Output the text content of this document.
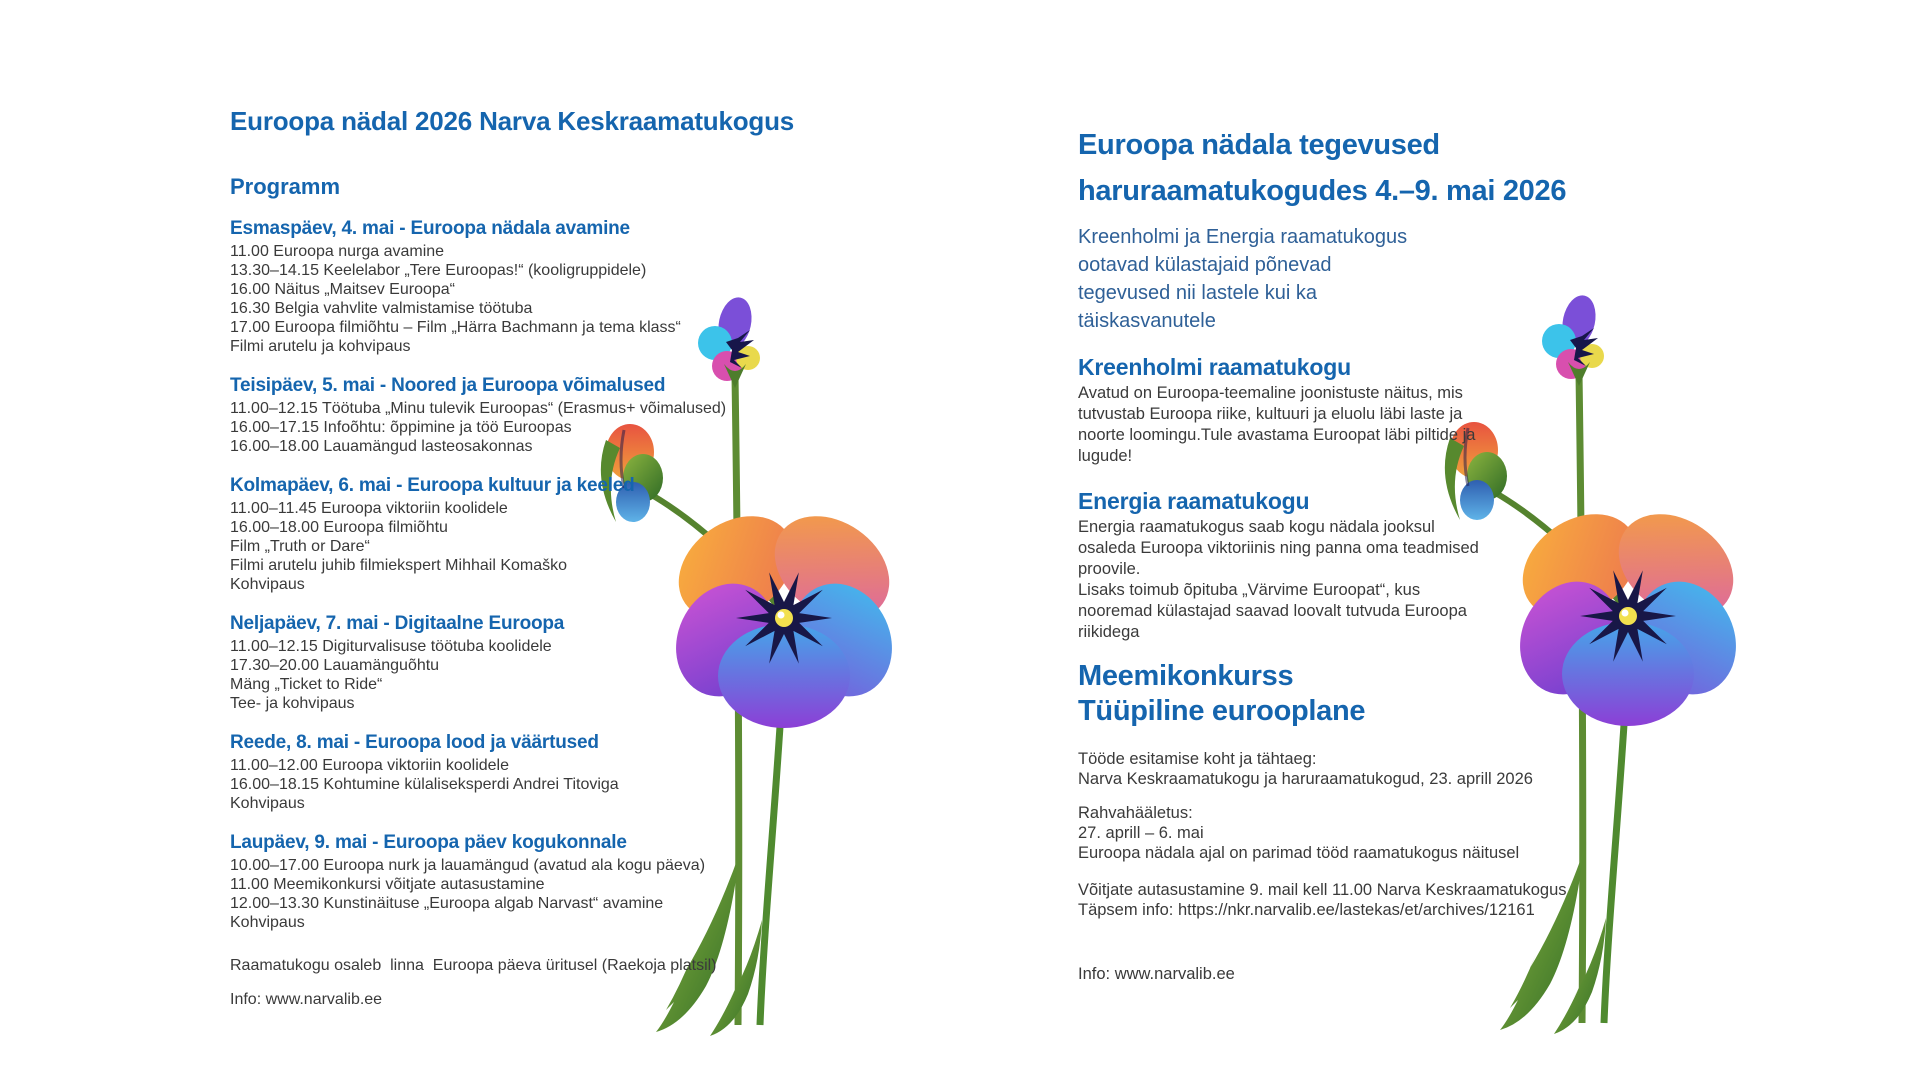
Euroopa nädal 2026 Narva Keskraamatukogus
Programm
Esmaspäev, 4. mai - Euroopa nädala avamine
11.00 Euroopa nurga avamine
13.30–14.15 Keelelabor „Tere Euroopas!“ (kooligruppidele)
16.00 Näitus „Maitsev Euroopa“
16.30 Belgia vahvlite valmistamise töötuba
17.00 Euroopa filmiõhtu – Film „Härra Bachmann ja tema klass“
Filmi arutelu ja kohvipaus
Teisipäev, 5. mai - Noored ja Euroopa võimalused
11.00–12.15 Töötuba „Minu tulevik Euroopas“ (Erasmus+ võimalused)
16.00–17.15 Infoõhtu: õppimine ja töö Euroopas
16.00–18.00 Lauamängud lasteosakonnas
Kolmapäev, 6. mai - Euroopa kultuur ja keeled
11.00–11.45 Euroopa viktoriin koolidele
16.00–18.00 Euroopa filmiõhtu
Film „Truth or Dare“
Filmi arutelu juhib filmiekspert Mihhail Komaško
Kohvipaus
Neljapäev, 7. mai - Digitaalne Euroopa
11.00–12.15 Digiturvalisuse töötuba koolidele
17.30–20.00 Lauamänguõhtu
Mäng „Ticket to Ride“
Tee- ja kohvipaus
Reede, 8. mai - Euroopa lood ja väärtused
11.00–12.00 Euroopa viktoriin koolidele
16.00–18.15 Kohtumine külaliseksperdi Andrei Titoviga
Kohvipaus
Laupäev, 9. mai - Euroopa päev kogukonnale
10.00–17.00 Euroopa nurk ja lauamängud (avatud ala kogu päeva)
11.00 Meemikonkursi võitjate autasustamine
12.00–13.30 Kunstinäituse „Euroopa algab Narvast“ avamine
Kohvipaus
Raamatukogu osaleb  linna  Euroopa päeva üritusel (Raekoja platsil)
Info: www.narvalib.ee
Euroopa nädala tegevused
haruraamatukogudes 4.–9. mai 2026
Kreenholmi ja Energia raamatukogus
ootavad külastajaid põnevad
tegevused nii lastele kui ka
täiskasvanutele
Kreenholmi raamatukogu
Avatud on Euroopa-teemaline joonistuste näitus, mis
tutvustab Euroopa riike, kultuuri ja eluolu läbi laste ja
noorte loomingu.Tule avastama Euroopat läbi piltide ja
lugude!
Energia raamatukogu
Energia raamatukogus saab kogu nädala jooksul
osaleda Euroopa viktoriinis ning panna oma teadmised
proovile.
Lisaks toimub õpituba „Värvime Euroopat“, kus
nooremad külastajad saavad loovalt tutvuda Euroopa
riikidega
Meemikonkurss
Tüüpiline eurooplane
Tööde esitamise koht ja tähtaeg:
Narva Keskraamatukogu ja haruraamatukogud, 23. aprill 2026
Rahvahääletus:
27. aprill – 6. mai
Euroopa nädala ajal on parimad tööd raamatukogus näitusel
Võitjate autasustamine 9. mail kell 11.00 Narva Keskraamatukogus
Täpsem info: https://nkr.narvalib.ee/lastekas/et/archives/12161
Info: www.narvalib.ee
